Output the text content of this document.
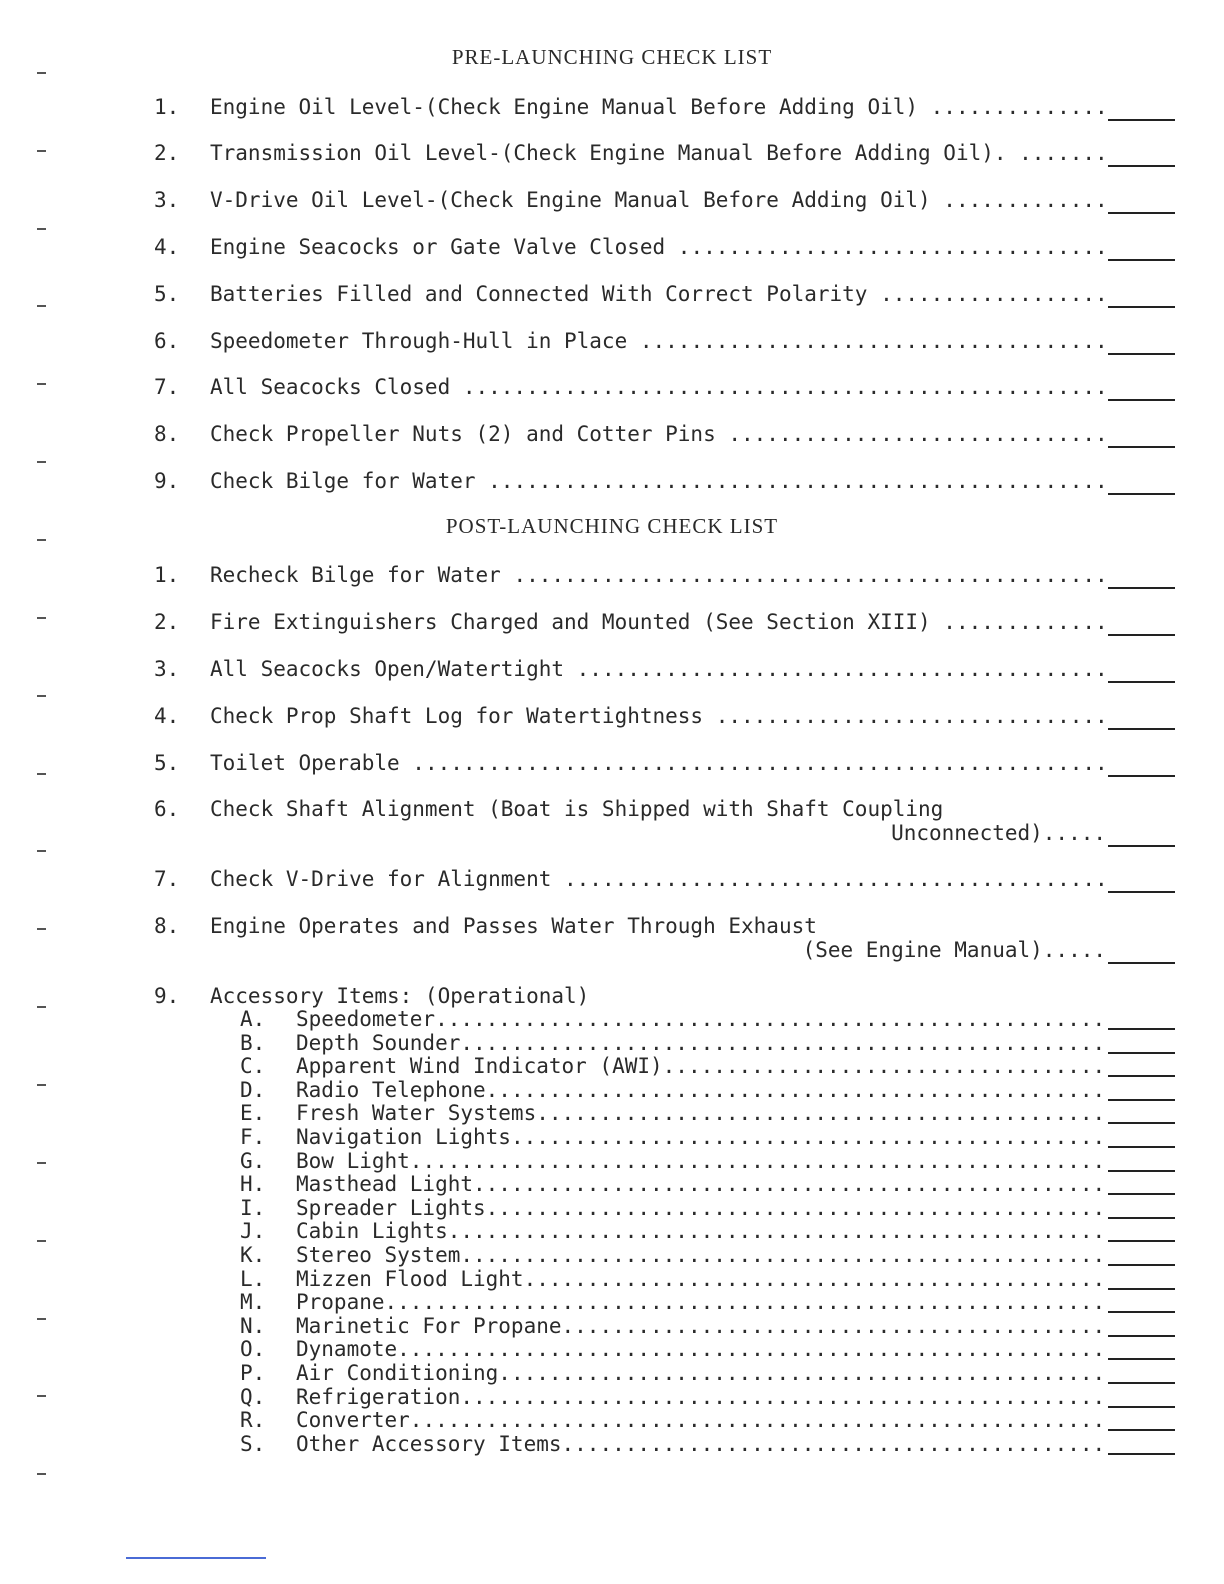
PRE-LAUNCHING CHECK LIST
1. Engine Oil Level-(Check Engine Manual Before Adding Oil) .....
2. Transmission Oil Level-(Check Engine Manual Before Adding Oil). .....
3. V-Drive Oil Level-(Check Engine Manual Before Adding Oil) .....
4. Engine Seacocks or Gate Valve Closed .....
5. Batteries Filled and Connected With Correct Polarity .....
6. Speedometer Through-Hull in Place .....
7. All Seacocks Closed .....
8. Check Propeller Nuts (2) and Cotter Pins .....
9. Check Bilge for Water .....
POST-LAUNCHING CHECK LIST
1. Recheck Bilge for Water .....
2. Fire Extinguishers Charged and Mounted (See Section XIII) .....
3. All Seacocks Open/Watertight .....
4. Check Prop Shaft Log for Watertightness .....
5. Toilet Operable .....
6. Check Shaft Alignment (Boat is Shipped with Shaft Coupling
Unconnected) .....
7. Check V-Drive for Alignment .....
8. Engine Operates and Passes Water Through Exhaust
(See Engine Manual) .....
9. Accessory Items: (Operational)
A. Speedometer .....
B. Depth Sounder .....
C. Apparent Wind Indicator (AWI) .....
D. Radio Telephone .....
E. Fresh Water Systems .....
F. Navigation Lights .....
G. Bow Light .....
H. Masthead Light .....
I. Spreader Lights .....
J. Cabin Lights .....
K. Stereo System .....
L. Mizzen Flood Light .....
M. Propane .....
N. Marinetic For Propane .....
O. Dynamote .....
P. Air Conditioning .....
Q. Refrigeration .....
R. Converter .....
S. Other Accessory Items .....
